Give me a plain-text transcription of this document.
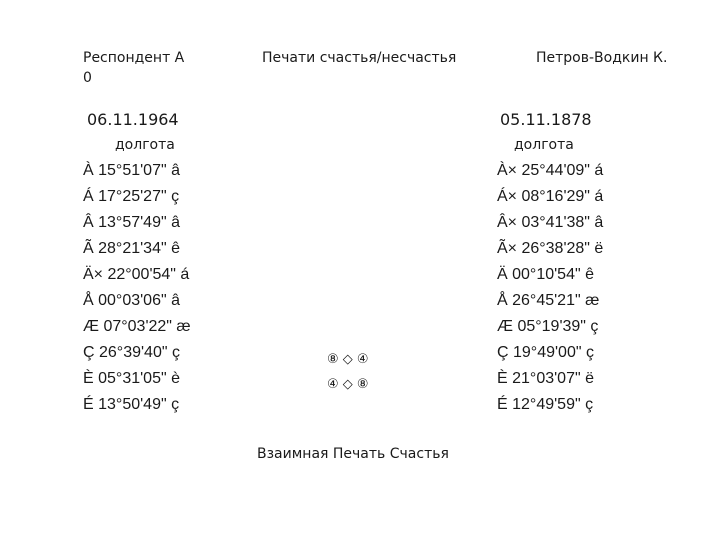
Респондент А
0
Печати счастья/несчастья	Петров-Водкин К.
06.11.1964
долгота
À 15°51'07" â
Á 17°25'27" ç
Â 13°57'49" â
Ã 28°21'34" ê
Ä× 22°00'54" á
Å 00°03'06" â
Æ 07°03'22" æ
Ç 26°39'40" ç
È 05°31'05" è
É 13°50'49" ç
05.11.1878
долгота
À× 25°44'09" á
Á× 08°16'29" á
Â× 03°41'38" â
Ã× 26°38'28" ë
Ä 00°10'54" ê
Å 26°45'21" æ
Æ 05°19'39" ç
Ç 19°49'00" ç
È 21°03'07" ë
É 12°49'59" ç
⑧ ◇ ④
④ ◇ ⑧
Взаимная Печать Счастья
